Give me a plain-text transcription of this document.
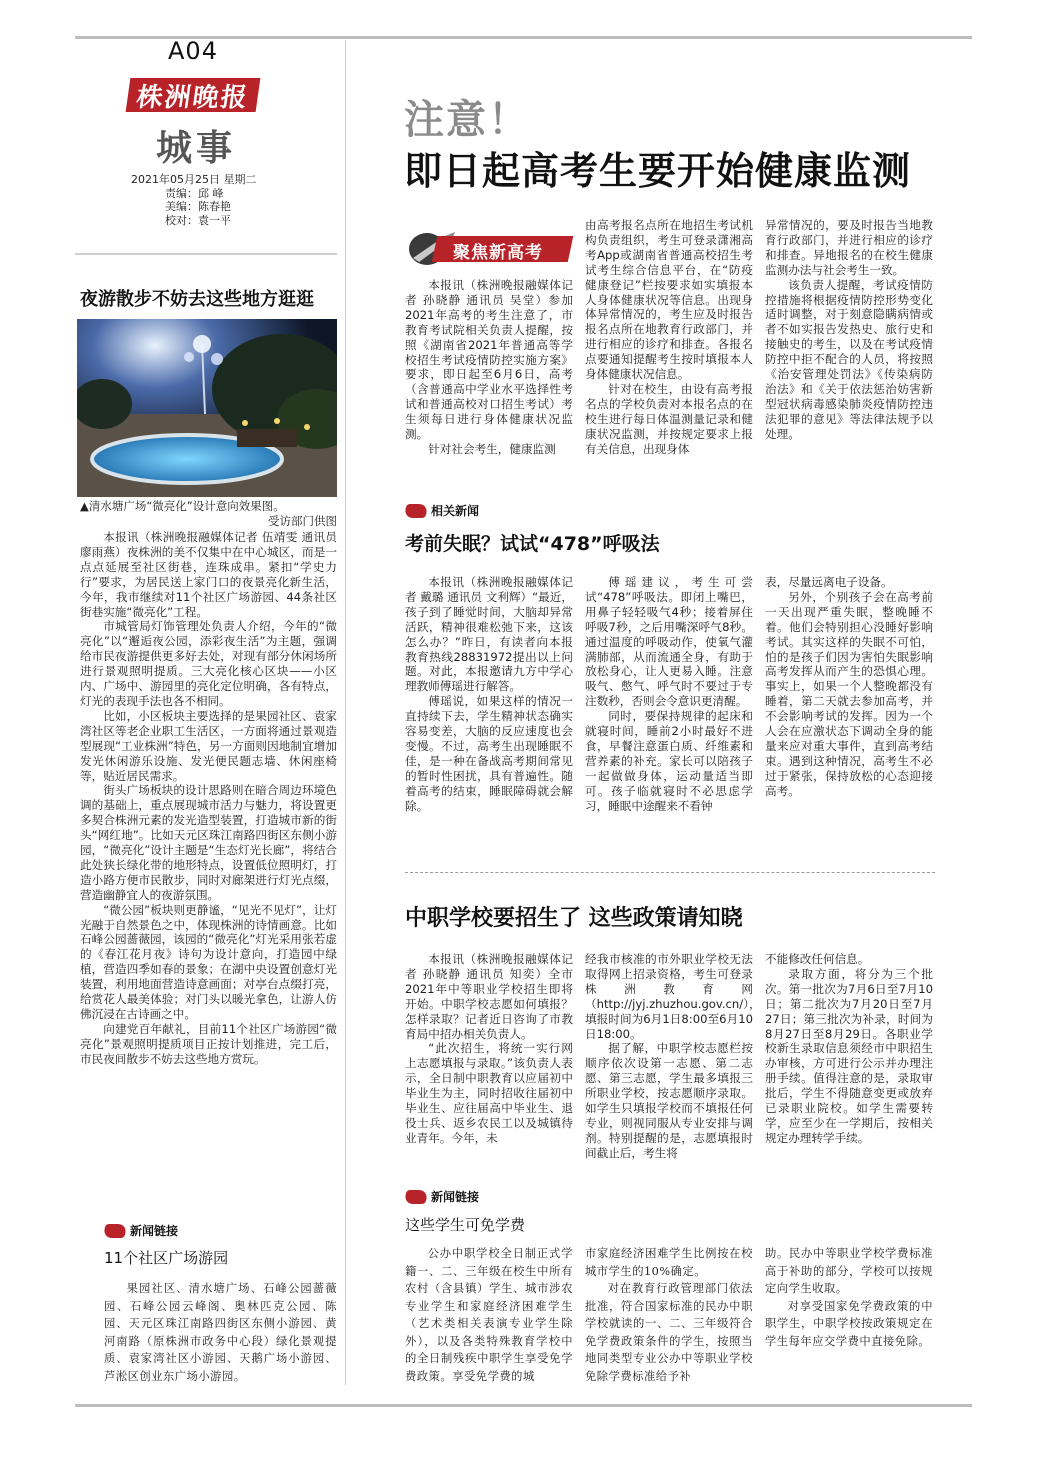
A04
株洲晚报
城事
2021年05月25日 星期二
责编：邱 峰
美编：陈春艳
校对：袁一平
夜游散步不妨去这些地方逛逛
▲清水塘广场“微亮化”设计意向效果图。
受访部门供图

本报讯（株洲晚报融媒体记者 伍靖雯 通讯员 廖雨燕）夜株洲的美不仅集中在中心城区，而是一点点延展至社区街巷，连珠成串。紧扣“学史力行”要求，为居民送上家门口的夜景亮化新生活，今年，我市继续对11个社区广场游园、44条社区街巷实施“微亮化”工程。

市城管局灯饰管理处负责人介绍，今年的“微亮化”以“邂逅夜公园，添彩夜生活”为主题，强调给市民夜游提供更多好去处，对现有部分休闲场所进行景观照明提质。三大亮化核心区块——小区内、广场中、游园里的亮化定位明确，各有特点，灯光的表现手法也各不相同。

比如，小区板块主要选择的是果园社区、袁家湾社区等老企业职工生活区，一方面将通过景观造型展现“工业株洲”特色，另一方面则因地制宜增加发光休闲游乐设施、发光便民题志墙、休闲座椅等，贴近居民需求。

街头广场板块的设计思路则在暗合周边环境色调的基础上，重点展现城市活力与魅力，将设置更多契合株洲元素的发光造型装置，打造城市新的街头“网红地”。比如天元区珠江南路四街区东侧小游园，“微亮化”设计主题是“生态灯光长廊”，将结合此处狭长绿化带的地形特点，设置低位照明灯，打造小路方便市民散步，同时对廊架进行灯光点缀，营造幽静宜人的夜游氛围。

“微公园”板块则更静谧，“见光不见灯”，让灯光融于自然景色之中，体现株洲的诗情画意。比如石峰公园蔷薇园，该园的“微亮化”灯光采用张若虚的《春江花月夜》诗句为设计意向，打造园中绿植，营造四季如春的景象；在湖中央设置创意灯光装置，利用地面营造诗意画面；对亭台点缀打亮，给赏花人最美体验；对门头以暖光拿色，让游人仿佛沉浸在古诗画之中。

向建党百年献礼，目前11个社区广场游园“微亮化”景观照明提质项目正按计划推进，完工后，市民夜间散步不妨去这些地方赏玩。

新闻链接
11个社区广场游园

果园社区、清水塘广场、石峰公园蔷薇园、石峰公园云峰阁、奥林匹克公园、陈园、天元区珠江南路四街区东侧小游园、黄河南路（原株洲市政务中心段）绿化景观提质、袁家湾社区小游园、天鹅广场小游园、芦淞区创业东广场小游园。

注意！
即日起高考生要开始健康监测
聚焦新高考

本报讯（株洲晚报融媒体记者 孙晓静 通讯员 吴堂）参加2021年高考的考生注意了，市教育考试院相关负责人提醒，按照《湖南省2021年普通高等学校招生考试疫情防控实施方案》要求，即日起至6月6日，高考（含普通高中学业水平选择性考试和普通高校对口招生考试）考生须每日进行身体健康状况监测。

针对社会考生，健康监测

由高考报名点所在地招生考试机构负责组织，考生可登录潇湘高考App或湖南省普通高校招生考试考生综合信息平台，在“防疫健康登记”栏按要求如实填报本人身体健康状况等信息。出现身体异常情况的，考生应及时报告报名点所在地教育行政部门，并进行相应的诊疗和排查。各报名点要通知提醒考生按时填报本人身体健康状况信息。

针对在校生，由设有高考报名点的学校负责对本报名点的在校生进行每日体温测量记录和健康状况监测，并按规定要求上报有关信息，出现身体

异常情况的，要及时报告当地教育行政部门，并进行相应的诊疗和排查。异地报名的在校生健康监测办法与社会考生一致。

该负责人提醒，考试疫情防控措施将根据疫情防控形势变化适时调整，对于刻意隐瞒病情或者不如实报告发热史、旅行史和接触史的考生，以及在考试疫情防控中拒不配合的人员，将按照《治安管理处罚法》《传染病防治法》和《关于依法惩治妨害新型冠状病毒感染肺炎疫情防控违法犯罪的意见》等法律法规予以处理。

相关新闻
考前失眠？试试“478”呼吸法

本报讯（株洲晚报融媒体记者 戴璐 通讯员 文利辉）“最近，孩子到了睡觉时间，大脑却异常活跃，精神很难松弛下来，这该怎么办？”昨日，有读者向本报教育热线28831972提出以上问题。对此，本报邀请九方中学心理教师傅瑶进行解答。

傅瑶说，如果这样的情况一直持续下去，学生精神状态确实容易变差，大脑的反应速度也会变慢。不过，高考生出现睡眠不佳，是一种在备战高考期间常见的暂时性困扰，具有普遍性。随着高考的结束，睡眠障碍就会解除。

傅瑶建议，考生可尝试“478”呼吸法。即闭上嘴巴，用鼻子轻轻吸气4秒；接着屏住呼吸7秒，之后用嘴深呼气8秒。通过温度的呼吸动作，使氧气灌满肺部，从而流通全身，有助于放松身心，让人更易入睡。注意吸气、憋气、呼气时不要过于专注数秒，否则会令意识更清醒。

同时，要保持规律的起床和就寝时间，睡前2小时最好不进食，早餐注意蛋白质、纤维素和营养素的补充。家长可以陪孩子一起做做身体，运动量适当即可。孩子临就寝时不必思虑学习，睡眠中途醒来不看钟

表，尽量远离电子设备。

另外，个别孩子会在高考前一天出现严重失眠，整晚睡不着。他们会特别担心没睡好影响考试。其实这样的失眠不可怕，怕的是孩子们因为害怕失眠影响高考发挥从而产生的恐惧心理。事实上，如果一个人整晚都没有睡着，第二天就去参加高考，并不会影响考试的发挥。因为一个人会在应激状态下调动全身的能量来应对重大事件，直到高考结束。遇到这种情况，高考生不必过于紧张，保持放松的心态迎接高考。

中职学校要招生了 这些政策请知晓

本报讯（株洲晚报融媒体记者 孙晓静 通讯员 知奕）全市2021年中等职业学校招生即将开始。中职学校志愿如何填报？怎样录取？记者近日咨询了市教育局中招办相关负责人。

“此次招生，将统一实行网上志愿填报与录取。”该负责人表示，全日制中职教育以应届初中毕业生为主，同时招收往届初中毕业生、应往届高中毕业生、退役士兵、返乡农民工以及城镇待业青年。今年，未

经我市核准的市外职业学校无法取得网上招录资格，考生可登录株洲教育网（http://jyj.zhuzhou.gov.cn/），填报时间为6月1日8:00至6月10日18:00。

据了解，中职学校志愿栏按顺序依次设第一志愿、第二志愿、第三志愿，学生最多填报三所职业学校，按志愿顺序录取。如学生只填报学校而不填报任何专业，则视同服从专业安排与调剂。特别提醒的是，志愿填报时间截止后，考生将

不能修改任何信息。

录取方面，将分为三个批次。第一批次为7月6日至7月10日；第二批次为7月20日至7月27日；第三批次为补录，时间为8月27日至8月29日。各职业学校新生录取信息须经市中职招生办审核，方可进行公示并办理注册手续。值得注意的是，录取审批后，学生不得随意变更或放弃已录职业院校。如学生需要转学，应至少在一学期后，按相关规定办理转学手续。

新闻链接
这些学生可免学费

公办中职学校全日制正式学籍一、二、三年级在校生中所有农村（含县镇）学生、城市涉农专业学生和家庭经济困难学生（艺术类相关表演专业学生除外），以及各类特殊教育学校中的全日制残疾中职学生享受免学费政策。享受免学费的城

市家庭经济困难学生比例按在校城市学生的10%确定。

对在教育行政管理部门依法批准，符合国家标准的民办中职学校就读的一、二、三年级符合免学费政策条件的学生，按照当地同类型专业公办中等职业学校免除学费标准给予补

助。民办中等职业学校学费标准高于补助的部分，学校可以按规定向学生收取。

对享受国家免学费政策的中职学生，中职学校按政策规定在学生每年应交学费中直接免除。
